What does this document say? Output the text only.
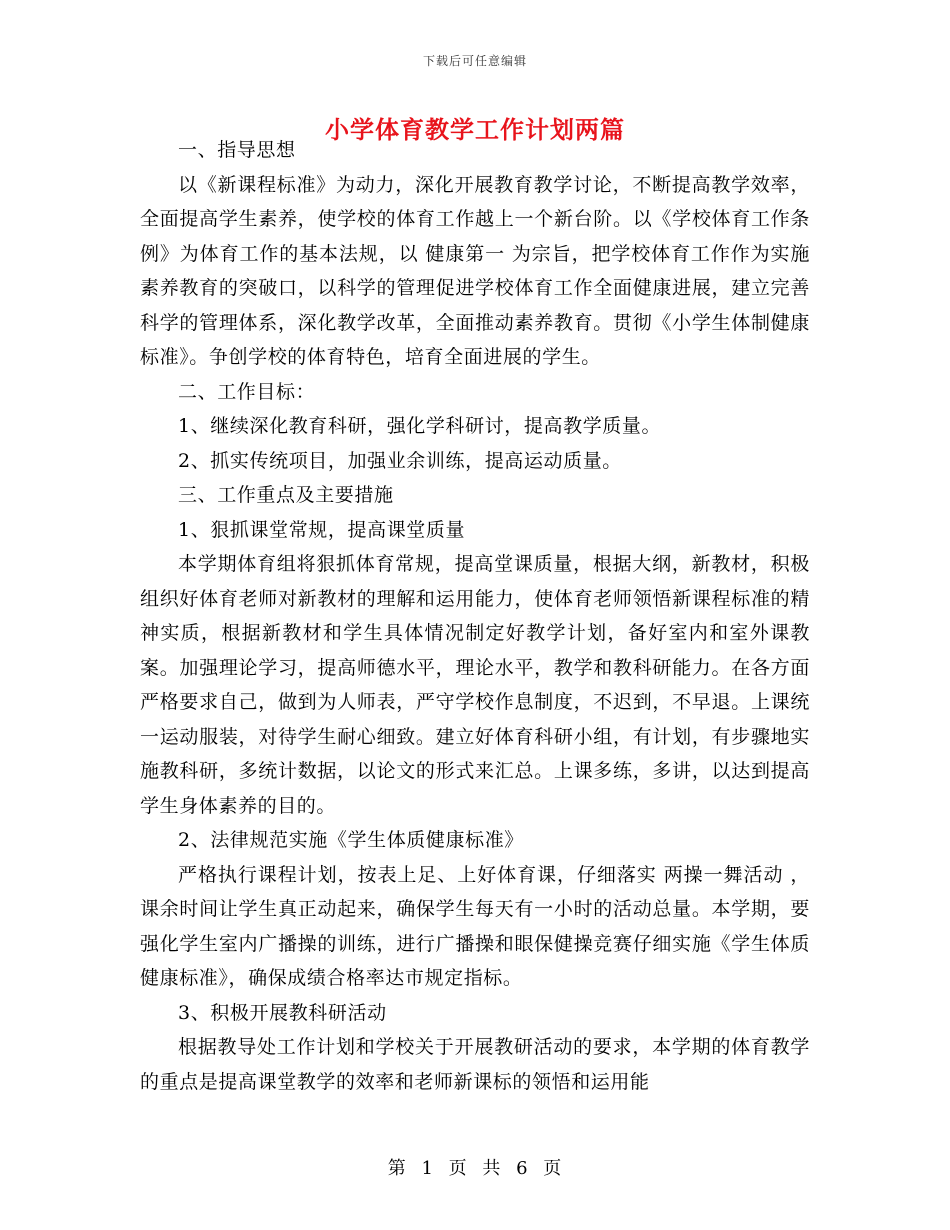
下载后可任意编辑
小学体育教学工作计划两篇

一、指导思想

以《新课程标准》为动力，深化开展教育教学讨论，不断提高教学效率，全面提高学生素养，使学校的体育工作越上一个新台阶。以《学校体育工作条例》为体育工作的基本法规，以 健康第一 为宗旨，把学校体育工作作为实施素养教育的突破口，以科学的管理促进学校体育工作全面健康进展，建立完善科学的管理体系，深化教学改革，全面推动素养教育。贯彻《小学生体制健康标准》。争创学校的体育特色，培育全面进展的学生。

二、工作目标：

1、继续深化教育科研，强化学科研讨，提高教学质量。

2、抓实传统项目，加强业余训练，提高运动质量。

三、工作重点及主要措施

1、狠抓课堂常规，提高课堂质量

本学期体育组将狠抓体育常规，提高堂课质量，根据大纲，新教材，积极组织好体育老师对新教材的理解和运用能力，使体育老师领悟新课程标准的精神实质，根据新教材和学生具体情况制定好教学计划，备好室内和室外课教案。加强理论学习，提高师德水平，理论水平，教学和教科研能力。在各方面严格要求自己，做到为人师表，严守学校作息制度，不迟到，不早退。上课统一运动服装，对待学生耐心细致。建立好体育科研小组，有计划，有步骤地实施教科研，多统计数据，以论文的形式来汇总。上课多练，多讲，以达到提高学生身体素养的目的。

2、法律规范实施《学生体质健康标准》

严格执行课程计划，按表上足、上好体育课，仔细落实 两操一舞活动 ，课余时间让学生真正动起来，确保学生每天有一小时的活动总量。本学期，要强化学生室内广播操的训练，进行广播操和眼保健操竞赛仔细实施《学生体质健康标准》，确保成绩合格率达市规定指标。

3、积极开展教科研活动

根据教导处工作计划和学校关于开展教研活动的要求，本学期的体育教学的重点是提高课堂教学的效率和老师新课标的领悟和运用能

第 1 页 共 6 页
